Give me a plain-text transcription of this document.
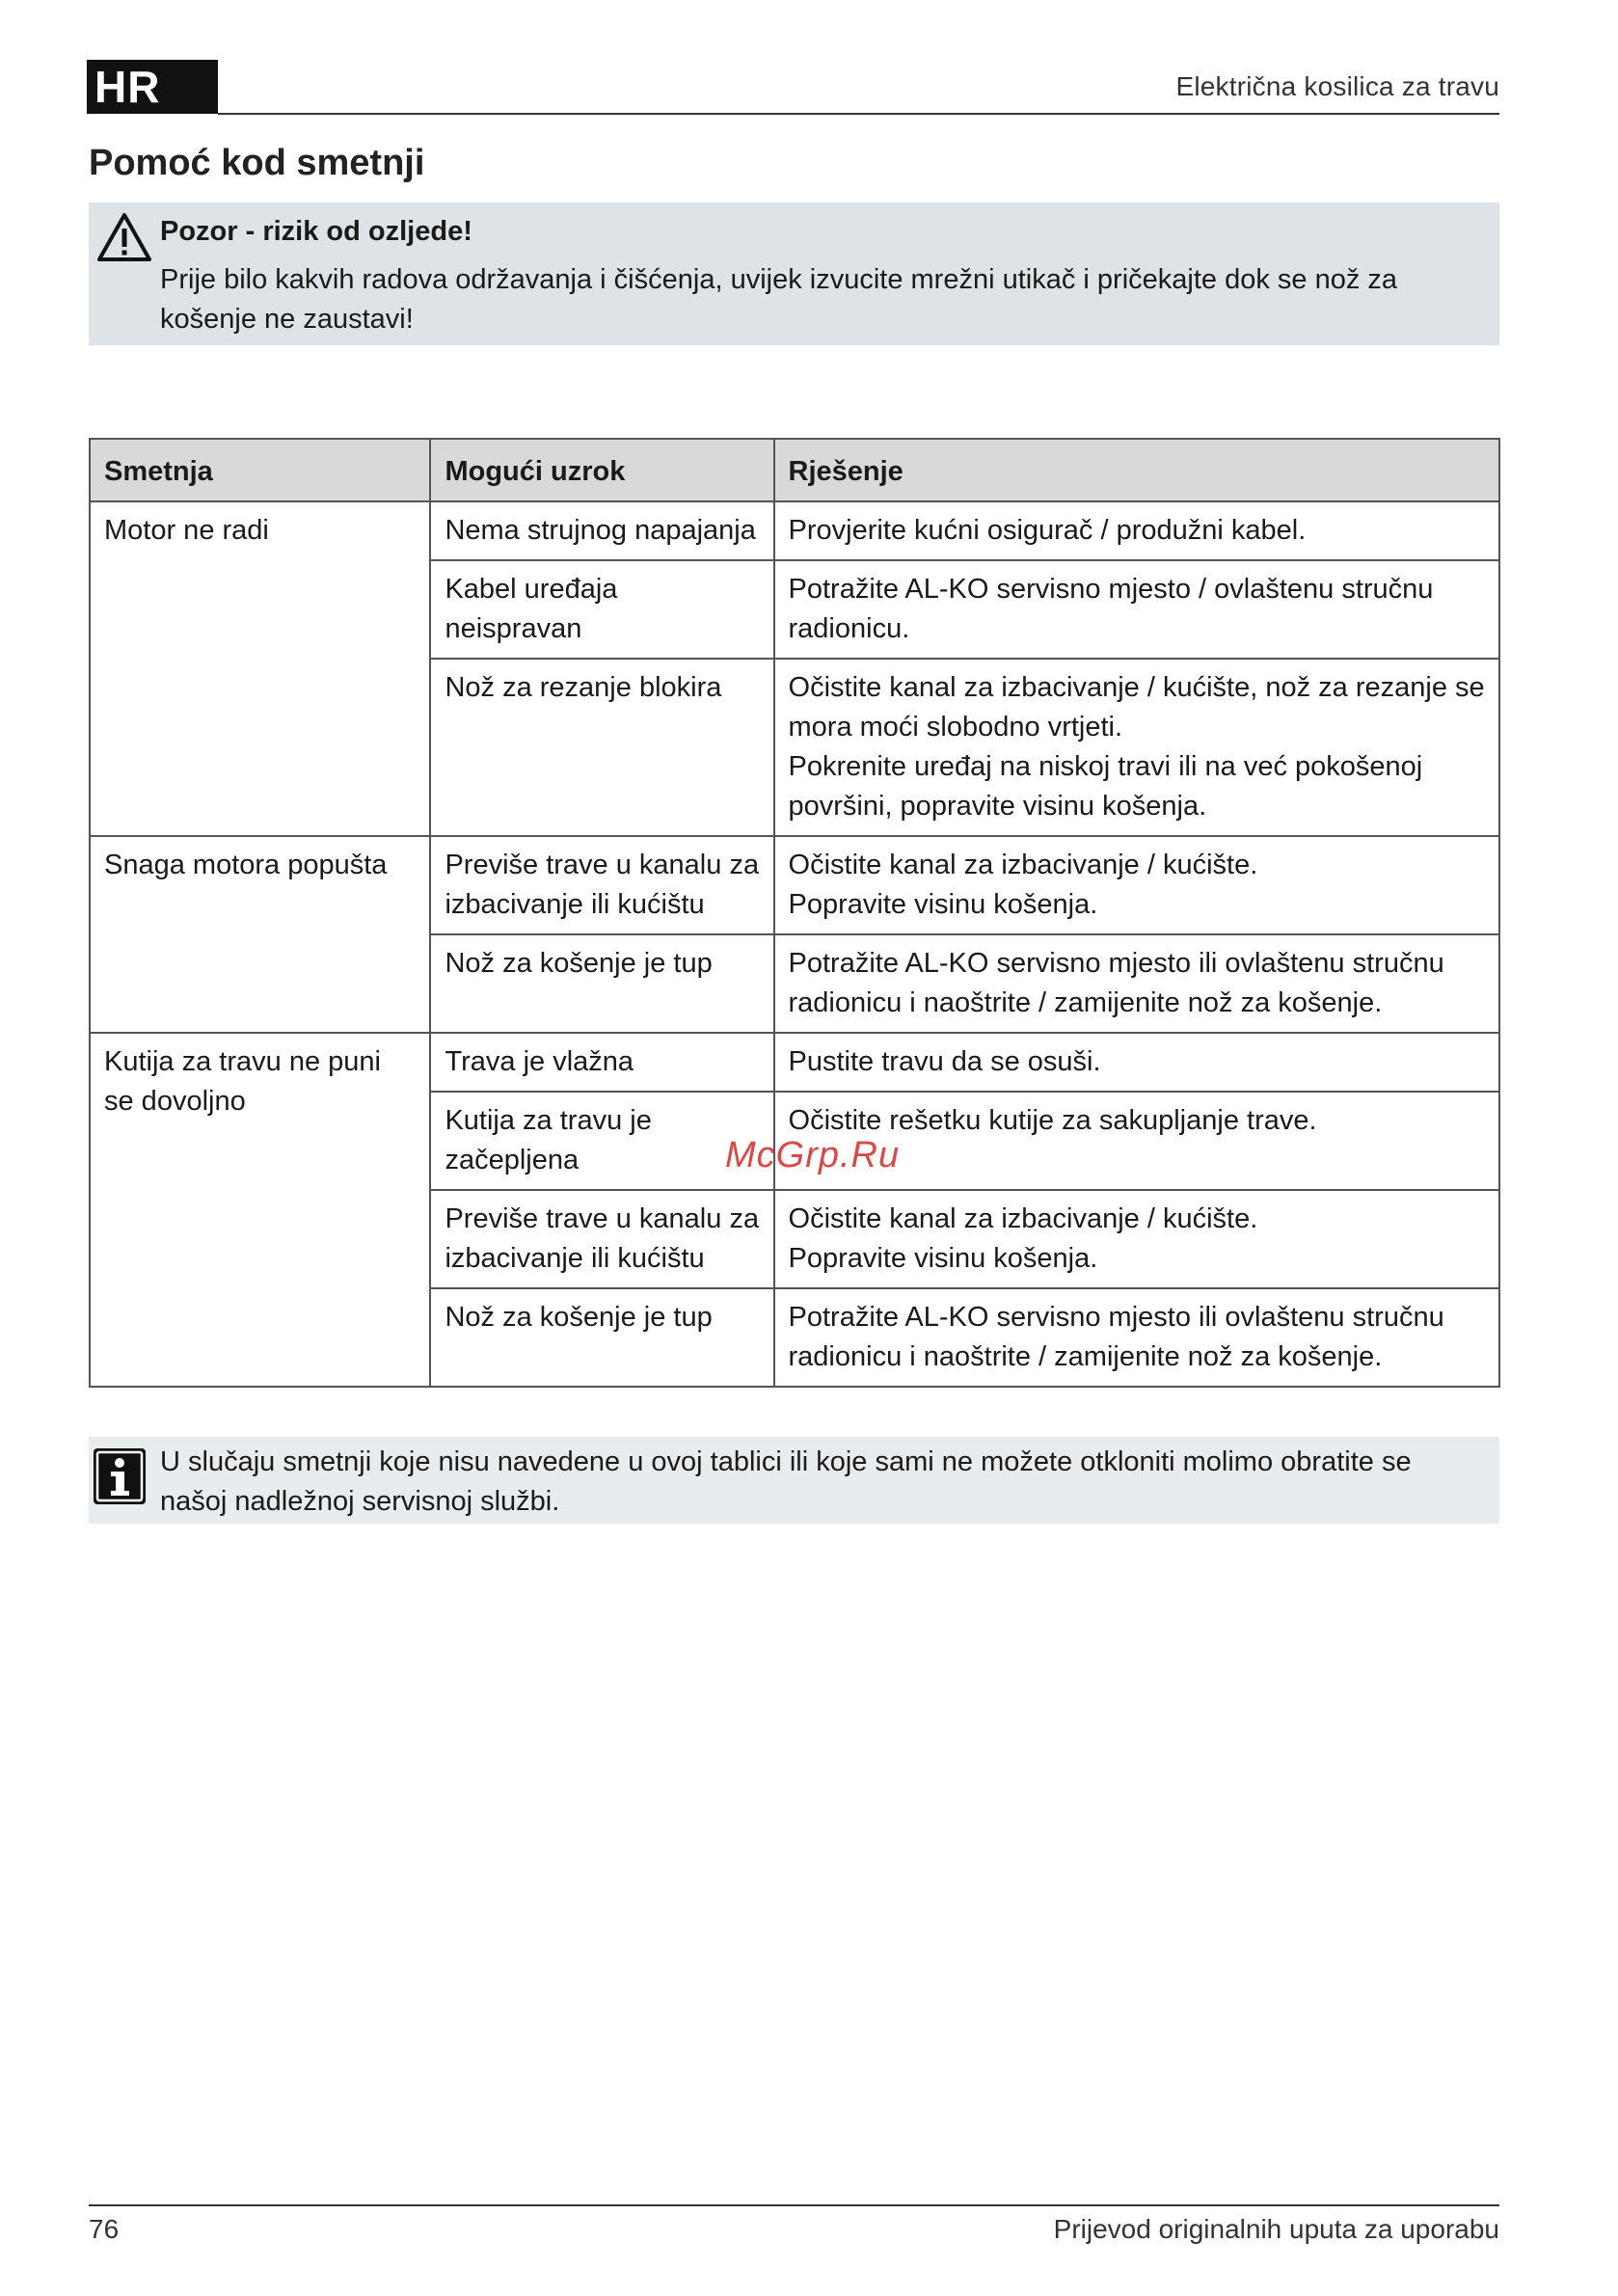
HR	Električna kosilica za travu
Pomoć kod smetnji
Pozor - rizik od ozljede!
Prije bilo kakvih radova održavanja i čišćenja, uvijek izvucite mrežni utikač i pričekajte dok se nož za košenje ne zaustavi!
Smetnja	Mogući uzrok	Rješenje
Motor ne radi	Nema strujnog napajanja	Provjerite kućni osigurač / produžni kabel.

	Kabel uređaja neispravan	Potražite AL-KO servisno mjesto / ovlaštenu stručnu radionicu.

	Nož za rezanje blokira	Očistite kanal za izbacivanje / kućište, nož za rezanje se mora moći slobodno vrtjeti.
Pokrenite uređaj na niskoj travi ili na već pokošenoj površini, popravite visinu košenja.

Snaga motora popušta	Previše trave u kanalu za izbacivanje ili kućištu	Očistite kanal za izbacivanje / kućište.
Popravite visinu košenja.

	Nož za košenje je tup	Potražite AL-KO servisno mjesto ili ovlaštenu stručnu radionicu i naoštrite / zamijenite nož za košenje.

Kutija za travu ne puni se dovoljno	Trava je vlažna	Pustite travu da se osuši.

	Kutija za travu je začepljena	Očistite rešetku kutije za sakupljanje trave.

	Previše trave u kanalu za izbacivanje ili kućištu	Očistite kanal za izbacivanje / kućište.
Popravite visinu košenja.

	Nož za košenje je tup	Potražite AL-KO servisno mjesto ili ovlaštenu stručnu radionicu i naoštrite / zamijenite nož za košenje.
McGrp.Ru
U slučaju smetnji koje nisu navedene u ovoj tablici ili koje sami ne možete otkloniti molimo obratite se našoj nadležnoj servisnoj službi.
76	Prijevod originalnih uputa za uporabu
